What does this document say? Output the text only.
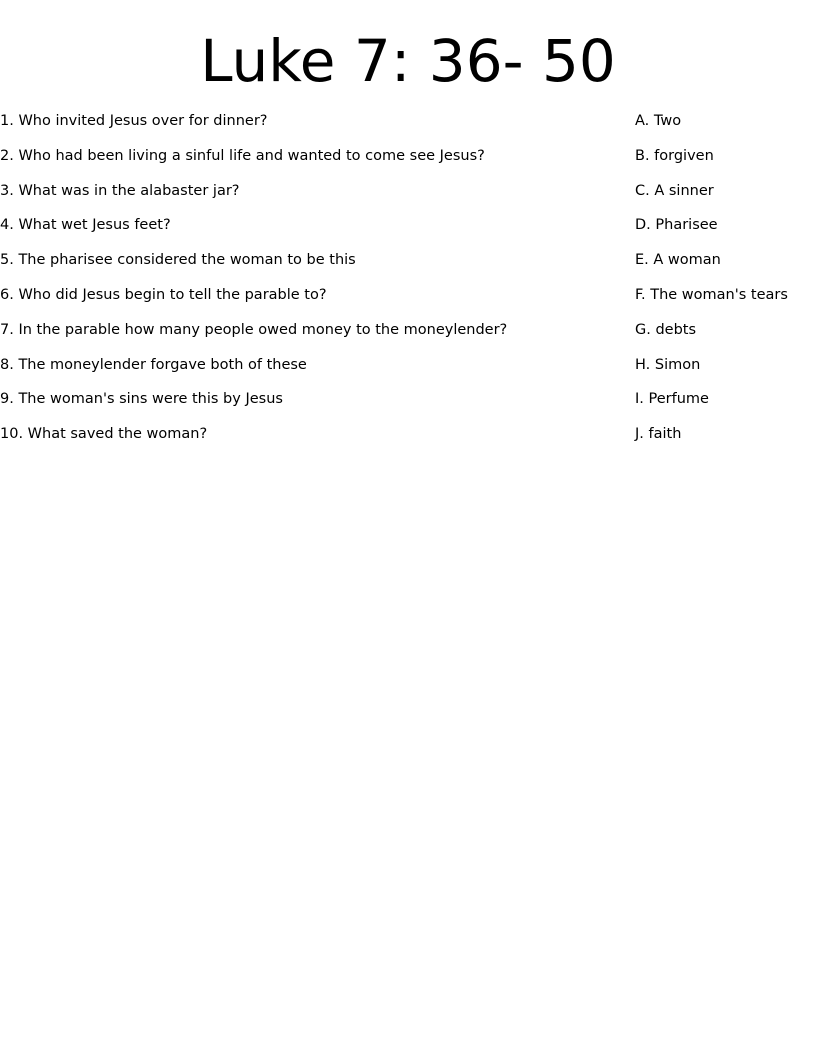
Luke 7: 36- 50
1. Who invited Jesus over for dinner?
2. Who had been living a sinful life and wanted to come see Jesus?
3. What was in the alabaster jar?
4. What wet Jesus feet?
5. The pharisee considered the woman to be this
6. Who did Jesus begin to tell the parable to?
7. In the parable how many people owed money to the moneylender?
8. The moneylender forgave both of these
9. The woman's sins were this by Jesus
10. What saved the woman?
A. Two
B. forgiven
C. A sinner
D. Pharisee
E. A woman
F. The woman's tears
G. debts
H. Simon
I. Perfume
J. faith
